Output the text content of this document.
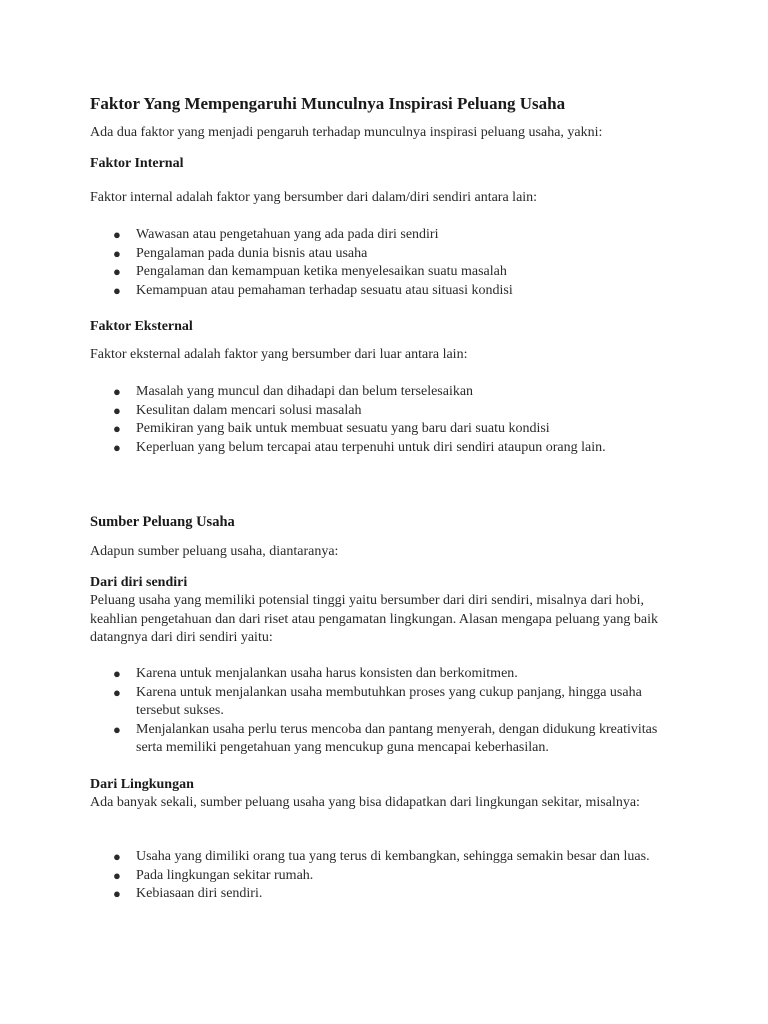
Faktor Yang Mempengaruhi Munculnya Inspirasi Peluang Usaha
Ada dua faktor yang menjadi pengaruh terhadap munculnya inspirasi peluang usaha, yakni:
Faktor Internal
Faktor internal adalah faktor yang bersumber dari dalam/diri sendiri antara lain:
● Wawasan atau pengetahuan yang ada pada diri sendiri
● Pengalaman pada dunia bisnis atau usaha
● Pengalaman dan kemampuan ketika menyelesaikan suatu masalah
● Kemampuan atau pemahaman terhadap sesuatu atau situasi kondisi
Faktor Eksternal
Faktor eksternal adalah faktor yang bersumber dari luar antara lain:
● Masalah yang muncul dan dihadapi dan belum terselesaikan
● Kesulitan dalam mencari solusi masalah
● Pemikiran yang baik untuk membuat sesuatu yang baru dari suatu kondisi
● Keperluan yang belum tercapai atau terpenuhi untuk diri sendiri ataupun orang lain.
Sumber Peluang Usaha
Adapun sumber peluang usaha, diantaranya:
Dari diri sendiri
Peluang usaha yang memiliki potensial tinggi yaitu bersumber dari diri sendiri, misalnya dari hobi, keahlian pengetahuan dan dari riset atau pengamatan lingkungan. Alasan mengapa peluang yang baik datangnya dari diri sendiri yaitu:
● Karena untuk menjalankan usaha harus konsisten dan berkomitmen.
● Karena untuk menjalankan usaha membutuhkan proses yang cukup panjang, hingga usaha tersebut sukses.
● Menjalankan usaha perlu terus mencoba dan pantang menyerah, dengan didukung kreativitas serta memiliki pengetahuan yang mencukup guna mencapai keberhasilan.
Dari Lingkungan
Ada banyak sekali, sumber peluang usaha yang bisa didapatkan dari lingkungan sekitar, misalnya:
● Usaha yang dimiliki orang tua yang terus di kembangkan, sehingga semakin besar dan luas.
● Pada lingkungan sekitar rumah.
● Kebiasaan diri sendiri.
